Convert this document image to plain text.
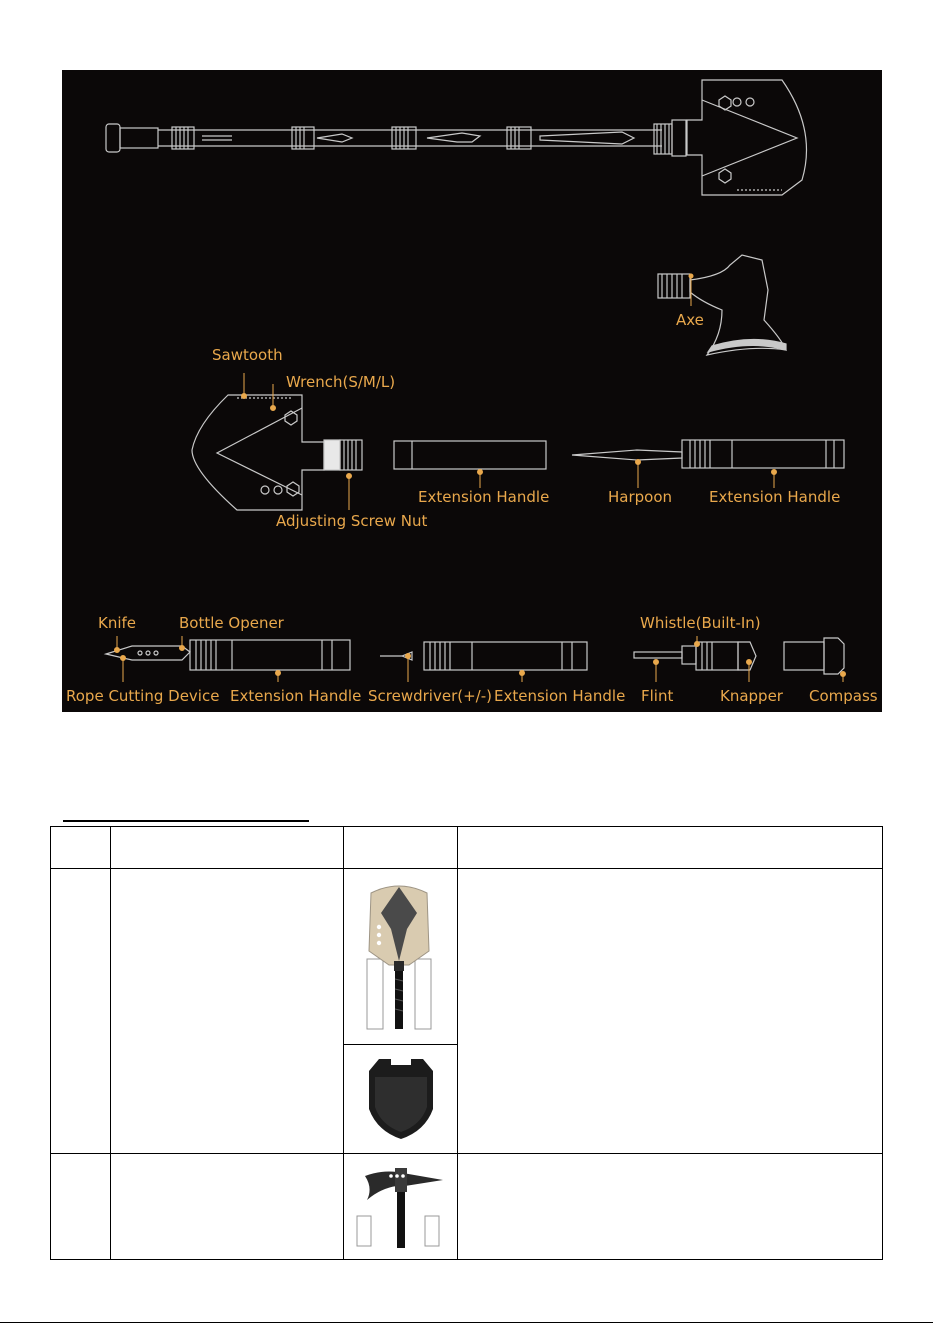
Axe
Sawtooth
Wrench(S/M/L)
Extension Handle	Harpoon Extension Handle
Adjusting Screw Nut
Knife	Bottle Opener	Whistle(Built-In)
Rope Cutting Device Extension Handle Screwdriver(+/-) Extension Handle Flint	Knapper Compass
